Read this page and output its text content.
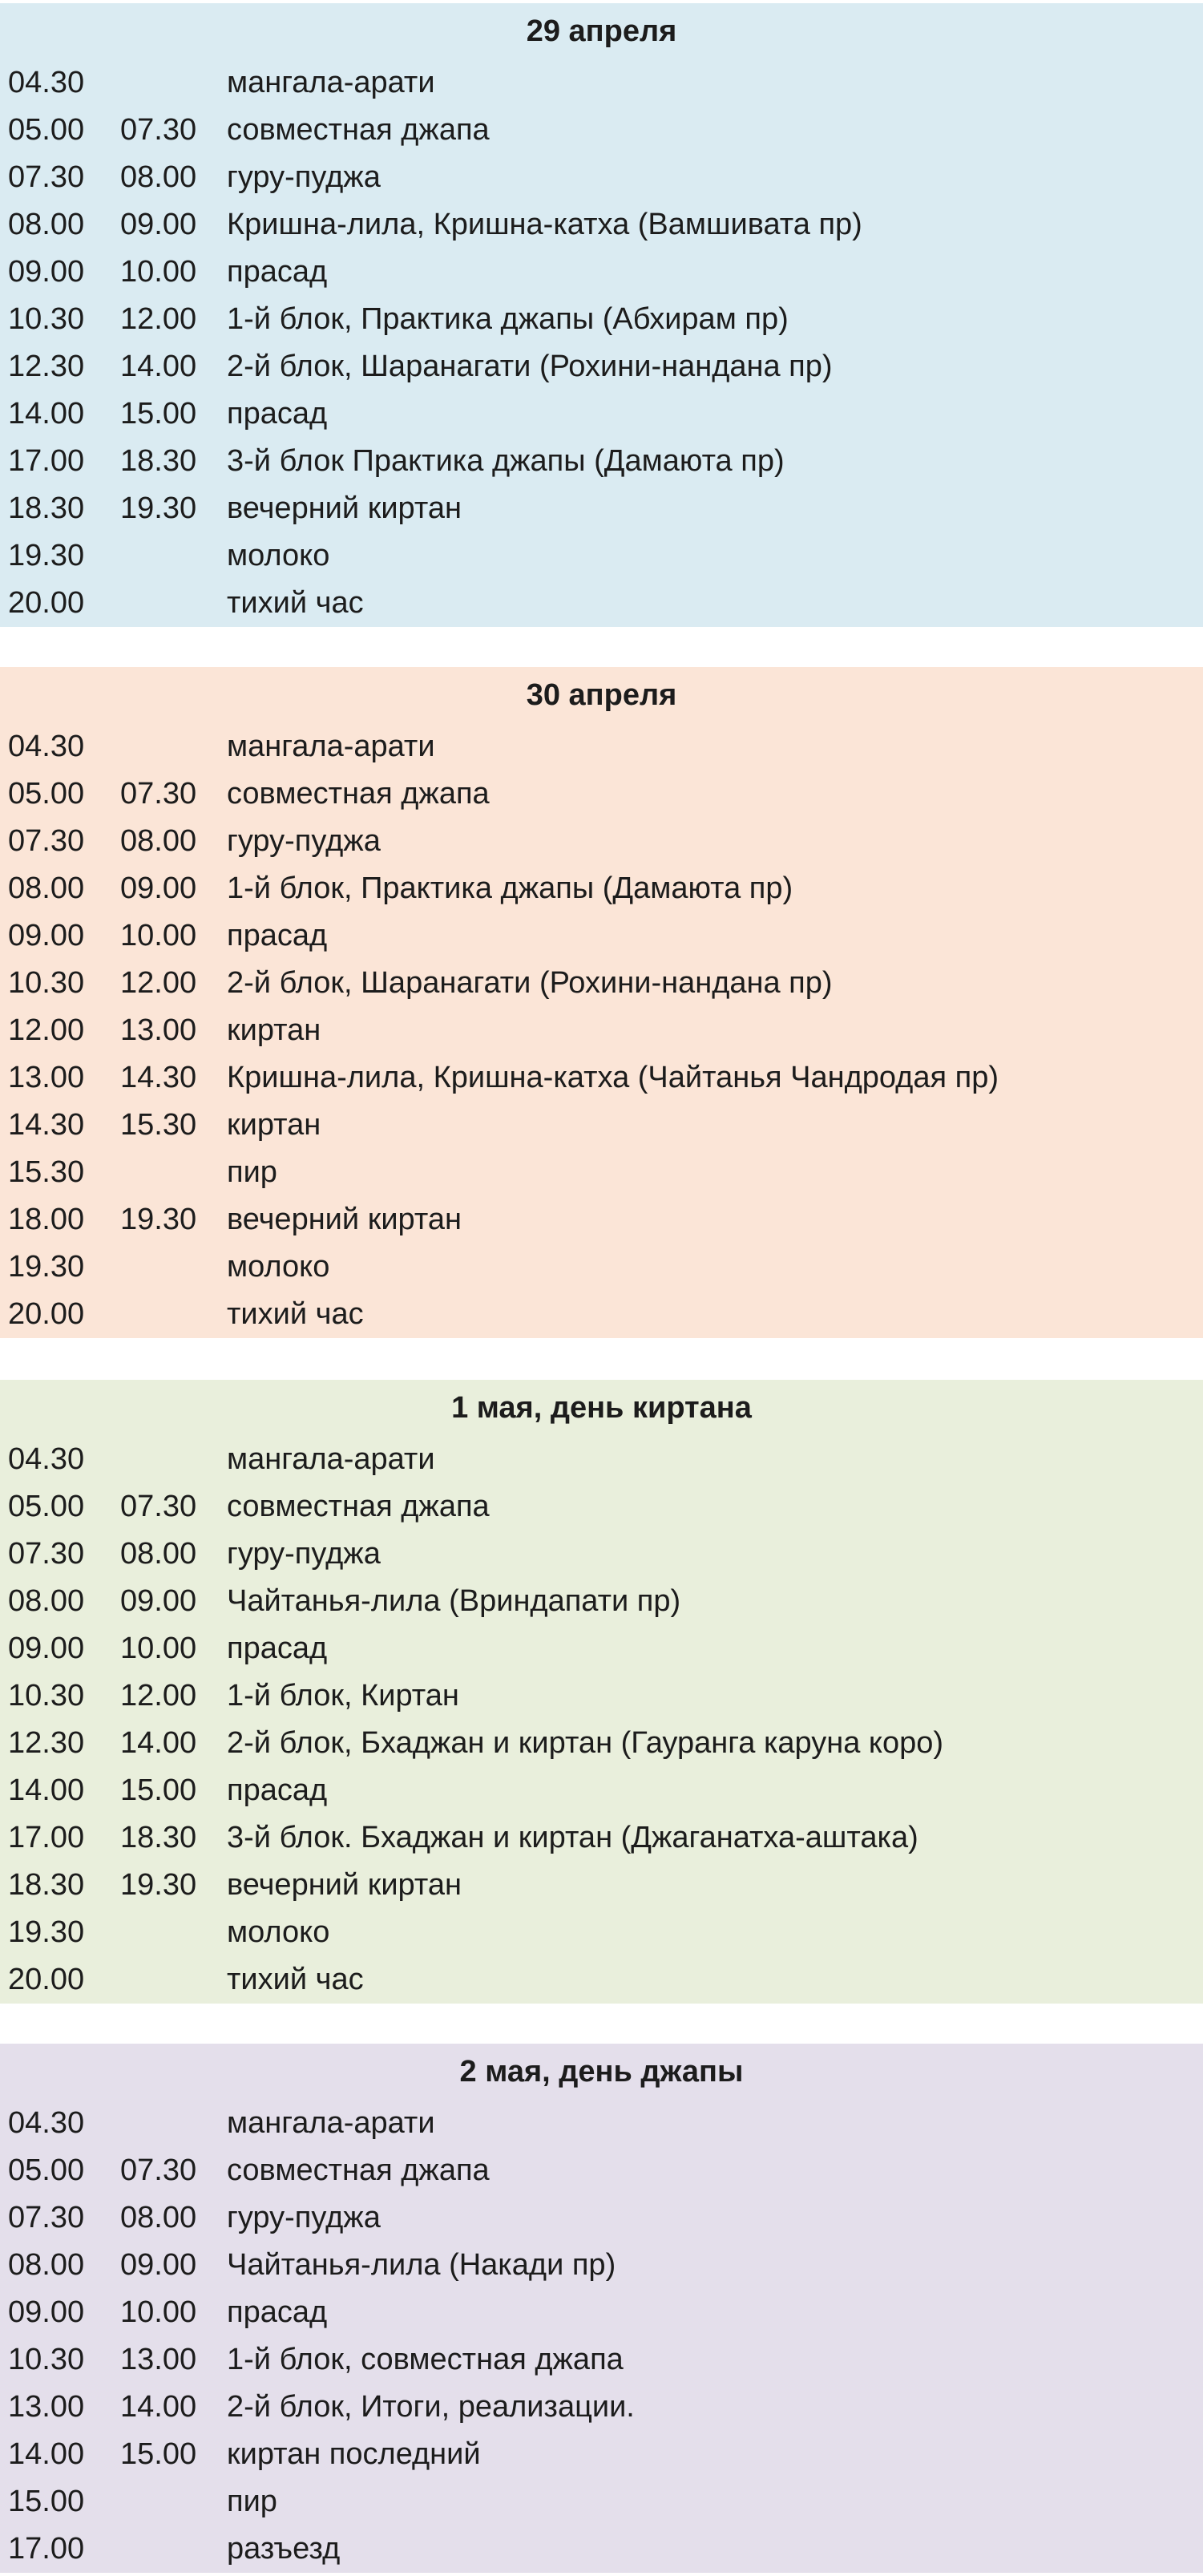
29 апреля
04.30	мангала-арати
05.00 07.30 совместная джапа
07.30 08.00 гуру-пуджа
08.00 09.00 Кришна-лила, Кришна-катха (Вамшивата пр)
09.00 10.00 прасад
10.30 12.00 1-й блок, Практика джапы (Абхирам пр)
12.30 14.00 2-й блок, Шаранагати (Рохини-нандана пр)
14.00 15.00 прасад
17.00 18.30 3-й блок Практика джапы (Дамаюта пр)
18.30 19.30 вечерний киртан
19.30	молоко
20.00	тихий час
30 апреля
04.30	мангала-арати
05.00 07.30 совместная джапа
07.30 08.00 гуру-пуджа
08.00 09.00 1-й блок, Практика джапы (Дамаюта пр)
09.00 10.00 прасад
10.30 12.00 2-й блок, Шаранагати (Рохини-нандана пр)
12.00 13.00 киртан
13.00 14.30 Кришна-лила, Кришна-катха (Чайтанья Чандродая пр)
14.30 15.30 киртан
15.30	пир
18.00 19.30 вечерний киртан
19.30	молоко
20.00	тихий час
1 мая, день киртана
04.30	мангала-арати
05.00 07.30 совместная джапа
07.30 08.00 гуру-пуджа
08.00 09.00 Чайтанья-лила (Вриндапати пр)
09.00 10.00 прасад
10.30 12.00 1-й блок, Киртан
12.30 14.00 2-й блок, Бхаджан и киртан (Гауранга каруна коро)
14.00 15.00 прасад
17.00 18.30 3-й блок. Бхаджан и киртан (Джаганатха-аштака)
18.30 19.30 вечерний киртан
19.30	молоко
20.00	тихий час
2 мая, день джапы
04.30	мангала-арати
05.00 07.30 совместная джапа
07.30 08.00 гуру-пуджа
08.00 09.00 Чайтанья-лила (Накади пр)
09.00 10.00 прасад
10.30 13.00 1-й блок, совместная джапа
13.00 14.00 2-й блок, Итоги, реализации.
14.00 15.00 киртан последний
15.00	пир
17.00	разъезд
